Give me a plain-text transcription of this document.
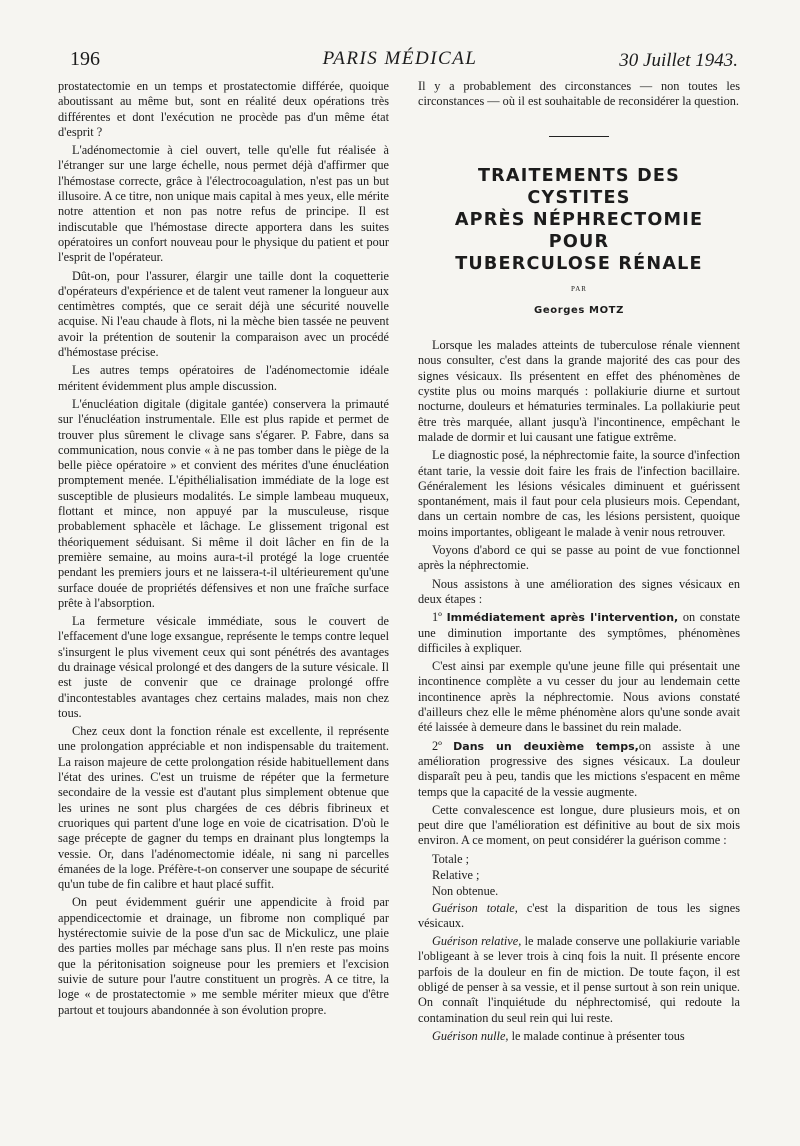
196	PARIS MÉDICAL	30 Juillet 1943.

prostatectomie en un temps et prostatectomie différée, quoique aboutissant au même but, sont en réalité deux opérations très différentes et dont l'exécution ne procède pas d'un même état d'esprit ?

L'adénomectomie à ciel ouvert, telle qu'elle fut réalisée à l'étranger sur une large échelle, nous permet déjà d'affirmer que l'hémostase correcte, grâce à l'électrocoagulation, n'est pas un but illusoire. A ce titre, non unique mais capital à mes yeux, elle mérite notre attention et non pas notre refus de principe. Il est indiscutable que l'hémostase directe apportera dans les suites opératoires un confort nouveau pour le physique du patient et pour l'esprit de l'opérateur.

Dût-on, pour l'assurer, élargir une taille dont la coquetterie d'opérateurs d'expérience et de talent veut ramener la longueur aux centimètres comptés, que ce serait déjà une sécurité nouvelle acquise. Ni l'eau chaude à flots, ni la mèche bien tassée ne peuvent avoir la prétention de soutenir la comparaison avec un procédé d'hémostase précise.

Les autres temps opératoires de l'adénomectomie idéale méritent évidemment plus ample discussion.

L'énucléation digitale (digitale gantée) conservera la primauté sur l'énucléation instrumentale. Elle est plus rapide et permet de trouver plus sûrement le clivage sans s'égarer. P. Fabre, dans sa communication, nous convie « à ne pas tomber dans le piège de la belle pièce opératoire » et convient des mérites d'une énucléation promptement menée. L'épithélialisation immédiate de la loge est susceptible de plusieurs modalités. Le simple lambeau muqueux, flottant et mince, non appuyé par la musculeuse, risque probablement sphacèle et lâchage. Le glissement trigonal est théoriquement séduisant. Si même il doit lâcher en fin de la première semaine, au moins aura-t-il protégé la loge cruentée pendant les premiers jours et ne laissera-t-il ultérieurement qu'une surface douée de propriétés défensives et non une fraîche surface prête à l'absorption.

La fermeture vésicale immédiate, sous le couvert de l'effacement d'une loge exsangue, représente le temps contre lequel s'insurgent le plus vivement ceux qui sont pénétrés des avantages du drainage vésical prolongé et des dangers de la suture vésicale. Il est juste de convenir que ce drainage prolongé offre d'incontestables avantages chez certains malades, mais non chez tous.

Chez ceux dont la fonction rénale est excellente, il représente une prolongation appréciable et non indispensable du traitement. La raison majeure de cette prolongation réside habituellement dans l'état des urines. C'est un truisme de répéter que la fermeture secondaire de la vessie est d'autant plus simplement obtenue que les urines ne sont plus chargées de ces débris fibrineux et cruoriques qui partent d'une loge en voie de cicatrisation. D'où le sage précepte de gagner du temps en drainant plus longtemps la vessie. Or, dans l'adénomectomie idéale, ni sang ni parcelles émanées de la loge. Préfère-t-on conserver une soupape de sécurité qu'un tube de fin calibre et haut placé suffit.

On peut évidemment guérir une appendicite à froid par appendicectomie et drainage, un fibrome non compliqué par hystérectomie suivie de la pose d'un sac de Mickulicz, une plaie des parties molles par méchage sans plus. Il n'en reste pas moins que la péritonisation soigneuse pour les premiers et l'excision suivie de suture pour l'autre constituent un progrès. A ce titre, la loge « de prostatectomie » me semble mériter mieux que d'être partout et toujours abandonnée à son évolution propre.

Il y a probablement des circonstances — non toutes les circonstances — où il est souhaitable de reconsidérer la question.

TRAITEMENTS DES
CYSTITES
APRÈS NÉPHRECTOMIE
POUR
TUBERCULOSE RÉNALE
PAR
Georges MOTZ

Lorsque les malades atteints de tuberculose rénale viennent nous consulter, c'est dans la grande majorité des cas pour des signes vésicaux. Ils présentent en effet des phénomènes de cystite plus ou moins marqués : pollakiurie diurne et surtout nocturne, douleurs et hématuries terminales. La pollakiurie peut être très marquée, allant jusqu'à l'incontinence, empêchant le malade de dormir et lui causant une fatigue extrême.

Le diagnostic posé, la néphrectomie faite, la source d'infection étant tarie, la vessie doit faire les frais de l'infection bacillaire. Généralement les lésions vésicales diminuent et guérissent spontanément, mais il faut pour cela plusieurs mois. Cependant, dans un certain nombre de cas, les lésions persistent, quoique moins importantes, obligeant le malade à venir nous retrouver.

Voyons d'abord ce qui se passe au point de vue fonctionnel après la néphrectomie.

Nous assistons à une amélioration des signes vésicaux en deux étapes :

1º Immédiatement après l'intervention, on constate une diminution importante des symptômes, phénomènes difficiles à expliquer.

C'est ainsi par exemple qu'une jeune fille qui présentait une incontinence complète a vu cesser du jour au lendemain cette incontinence après la néphrectomie. Nous avions constaté d'ailleurs chez elle le même phénomène alors qu'une sonde avait été laissée à demeure dans le bassinet du rein malade.

2º Dans un deuxième temps,on assiste à une amélioration progressive des signes vésicaux. La douleur disparaît peu à peu, tandis que les mictions s'espacent en même temps que la capacité de la vessie augmente.

Cette convalescence est longue, dure plusieurs mois, et on peut dire que l'amélioration est définitive au bout de six mois environ. A ce moment, on peut considérer la guérison comme :

Totale ;

Relative ;

Non obtenue.

Guérison totale, c'est la disparition de tous les signes vésicaux.

Guérison relative, le malade conserve une pollakiurie variable l'obligeant à se lever trois à cinq fois la nuit. Il présente encore parfois de la douleur en fin de miction. De toute façon, il est obligé de penser à sa vessie, et il pense surtout à son rein unique. On connaît l'inquiétude du néphrectomisé, qui redoute la contamination du seul rein qui lui reste.

Guérison nulle, le malade continue à présenter tous
